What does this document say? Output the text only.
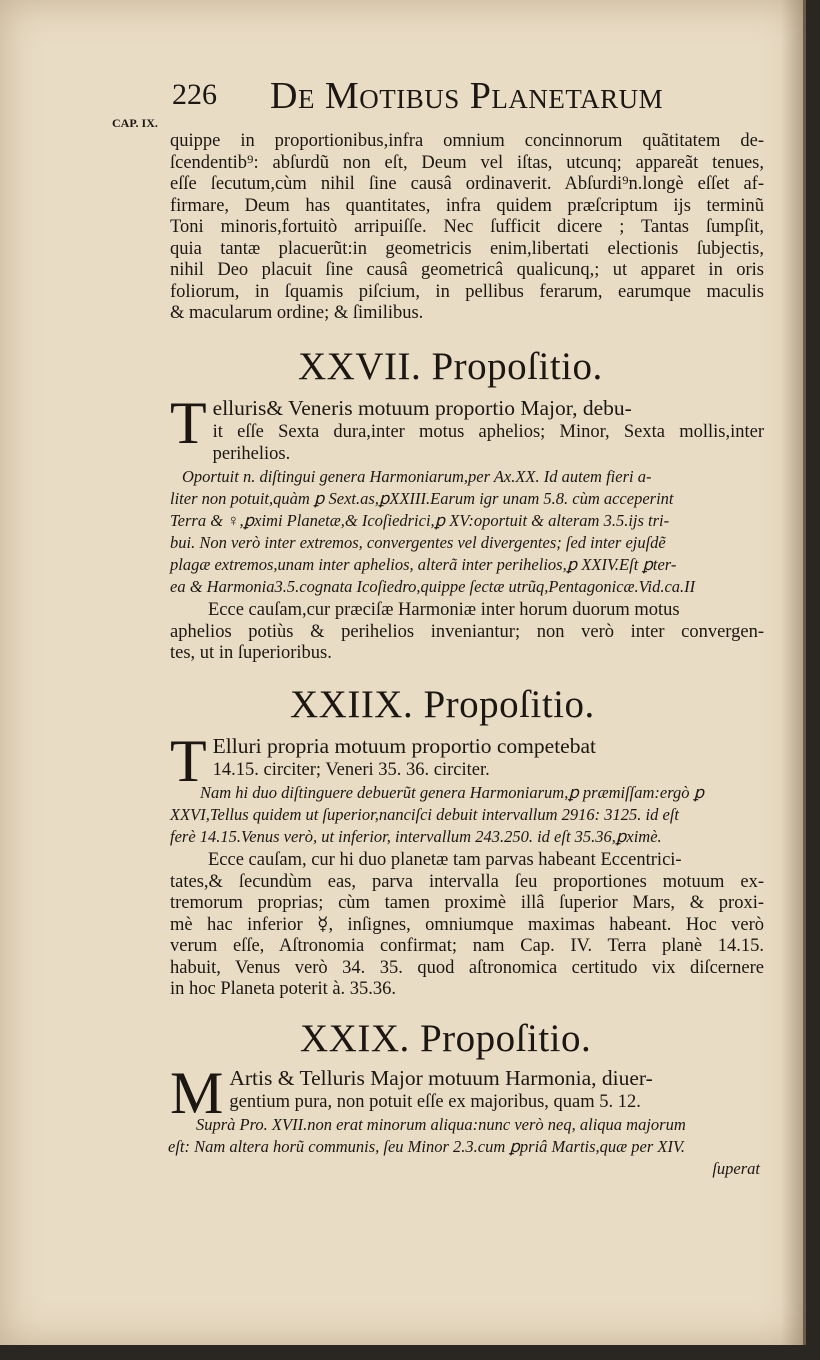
226 De Motibus Planetarum
CAP. IX.
quippe in proportionibus,infra omnium concinnorum quãtitatem de-
ſcendentib⁹: abſurdũ non eſt, Deum vel iſtas, utcunq; appareãt tenues,
eſſe ſecutum,cùm nihil ſine causâ ordinaverit. Abſurdi⁹n.longè eſſet af-
firmare, Deum has quantitates, infra quidem præſcriptum ijs terminũ
Toni minoris,fortuitò arripuiſſe. Nec ſufficit dicere ; Tantas ſumpſit,
quia tantæ placuerũt:in geometricis enim,libertati electionis ſubjectis,
nihil Deo placuit ſine causâ geometricâ qualicunq,; ut apparet in oris
foliorum, in ſquamis piſcium, in pellibus ferarum, earumque maculis
& macularum ordine; & ſimilibus.
XXVII. Propoſitio.
T elluris& Veneris motuum proportio Major, debu-
it eſſe Sexta dura,inter motus aphelios; Minor, Sexta mollis,inter
perihelios.
Oportuit n. diſtingui genera Harmoniarum,per Ax.XX. Id autem fieri a-
liter non potuit,quàm ꝑ Sext.as,ꝑXXIII.Earum igr unam 5.8. cùm acceperint
Terra & ♀,ꝑximi Planetæ,& Icoſiedrici,ꝑ XV:oportuit & alteram 3.5.ijs tri-
bui. Non verò inter extremos, convergentes vel divergentes; ſed inter ejuſdẽ
plagæ extremos,unam inter aphelios, alterã inter perihelios,ꝑ XXIV.Eſt ꝑter-
ea & Harmonia3.5.cognata Icoſiedro,quippe ſectæ utrũq,Pentagonicæ.Vid.ca.II
Ecce cauſam,cur præciſæ Harmoniæ inter horum duorum motus
aphelios potiùs & perihelios inveniantur; non verò inter convergen-
tes, ut in ſuperioribus.
XXIIX. Propoſitio.
T Elluri propria motuum proportio competebat
14.15. circiter; Veneri 35. 36. circiter.
Nam hi duo diſtinguere debuerũt genera Harmoniarum,ꝑ præmiſſam:ergò ꝑ
XXVI,Tellus quidem ut ſuperior,nanciſci debuit intervallum 2916: 3125. id eſt
ferè 14.15.Venus verò, ut inferior, intervallum 243.250. id eſt 35.36,ꝑximè.
Ecce cauſam, cur hi duo planetæ tam parvas habeant Eccentrici-
tates,& ſecundùm eas, parva intervalla ſeu proportiones motuum ex-
tremorum proprias; cùm tamen proximè illâ ſuperior Mars, & proxi-
mè hac inferior ☿, inſignes, omniumque maximas habeant. Hoc verò
verum eſſe, Aſtronomia confirmat; nam Cap. IV. Terra planè 14.15.
habuit, Venus verò 34. 35. quod aſtronomica certitudo vix diſcernere
in hoc Planeta poterit à. 35.36.
XXIX. Propoſitio.
M Artis & Telluris Major motuum Harmonia, diuer-
gentium pura, non potuit eſſe ex majoribus, quam 5. 12.
Suprà Pro. XVII.non erat minorum aliqua:nunc verò neq, aliqua majorum
eſt: Nam altera horũ communis, ſeu Minor 2.3.cum ꝑpriâ Martis,quæ per XIV.
ſuperat
